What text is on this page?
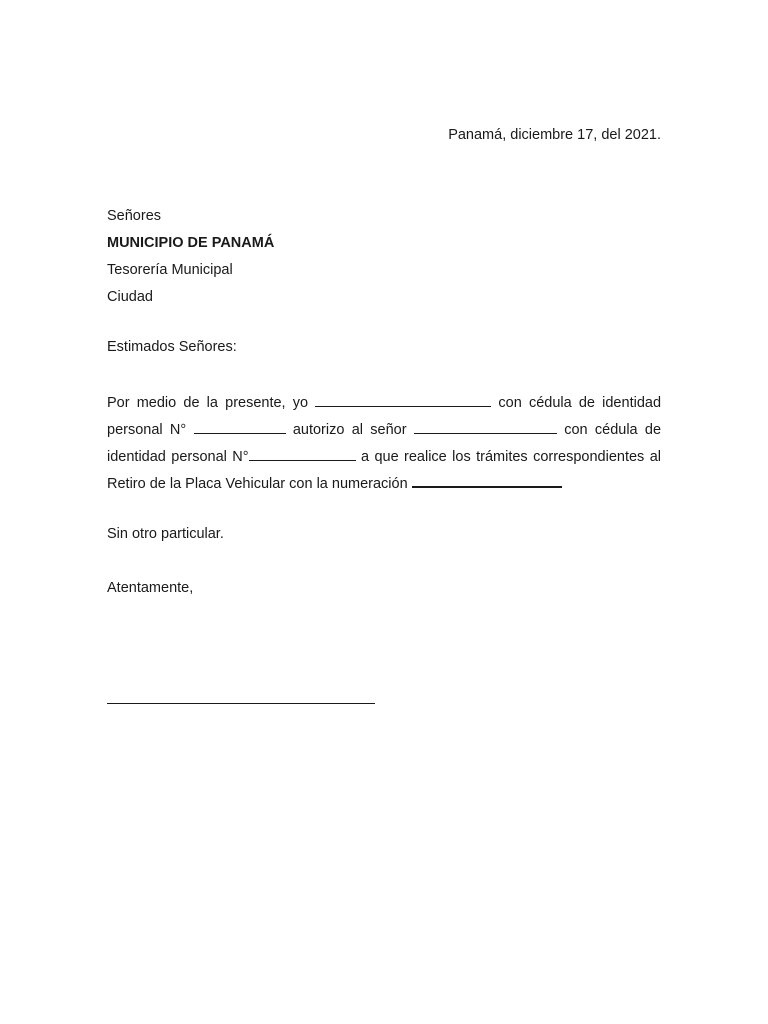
Panamá, diciembre 17, del 2021.
Señores
MUNICIPIO DE PANAMÁ
Tesorería Municipal
Ciudad
Estimados Señores:
Por medio de la presente, yo	con cédula de identidad personal N°	autorizo al señor	con cédula de identidad personal N°	a que realice los trámites correspondientes al Retiro de la Placa Vehicular con la numeración
Sin otro particular.
Atentamente,
